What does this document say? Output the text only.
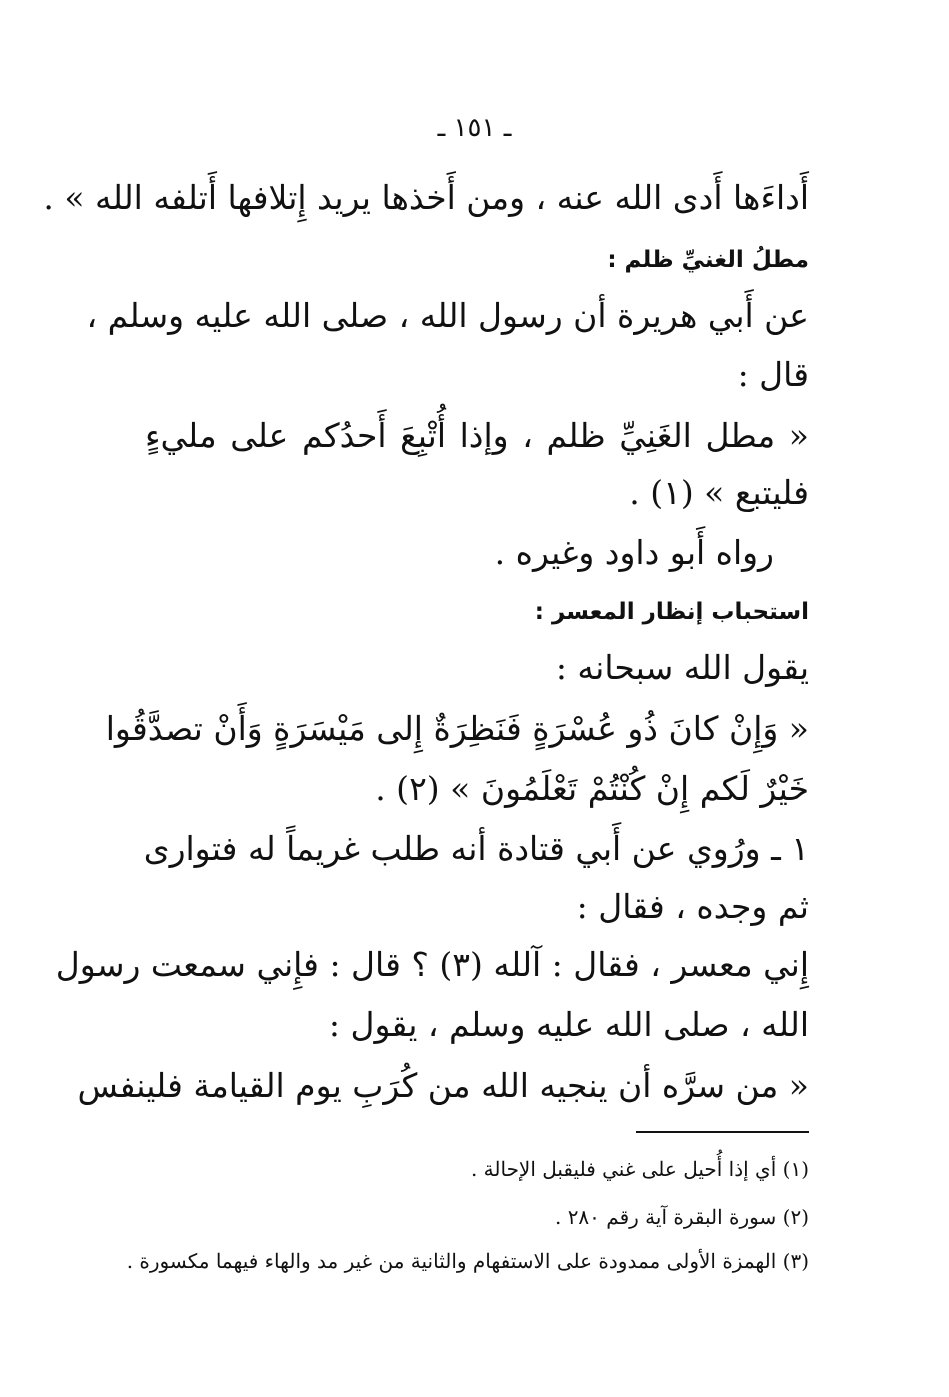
ـ ١٥١ ـ
أَداءَها أَدى الله عنه ، ومن أَخذها يريد إِتلافها أَتلفه الله » .
مطلُ الغنيِّ ظلم :
عن أَبي هريرة أن رسول الله ، صلى الله عليه وسلم ،
قال :
« مطل الغَنِيِّ ظلم ، وإذا أُتْبِعَ أَحدُكم على مليءٍ
فليتبع » (١) .
رواه أَبو داود وغيره .
استحباب إنظار المعسر :
يقول الله سبحانه :
« وَإِنْ كانَ ذُو عُسْرَةٍ فَنَظِرَةٌ إِلى مَيْسَرَةٍ وَأَنْ تصدَّقُوا
خَيْرٌ لَكم إِنْ كُنْتُمْ تَعْلَمُونَ » (٢) .
١ ـ ورُوي عن أَبي قتادة أنه طلب غريماً له فتوارى
ثم وجده ، فقال :
إِني معسر ، فقال : آلله (٣) ؟ قال : فإِني سمعت رسول
الله ، صلى الله عليه وسلم ، يقول :
« من سرَّه أن ينجيه الله من كُرَبِ يوم القيامة فلينفس
(١) أي إذا أُحيل على غني فليقبل الإحالة .
(٢) سورة البقرة آية رقم ٢٨٠ .
(٣) الهمزة الأولى ممدودة على الاستفهام والثانية من غير مد والهاء فيهما مكسورة .
